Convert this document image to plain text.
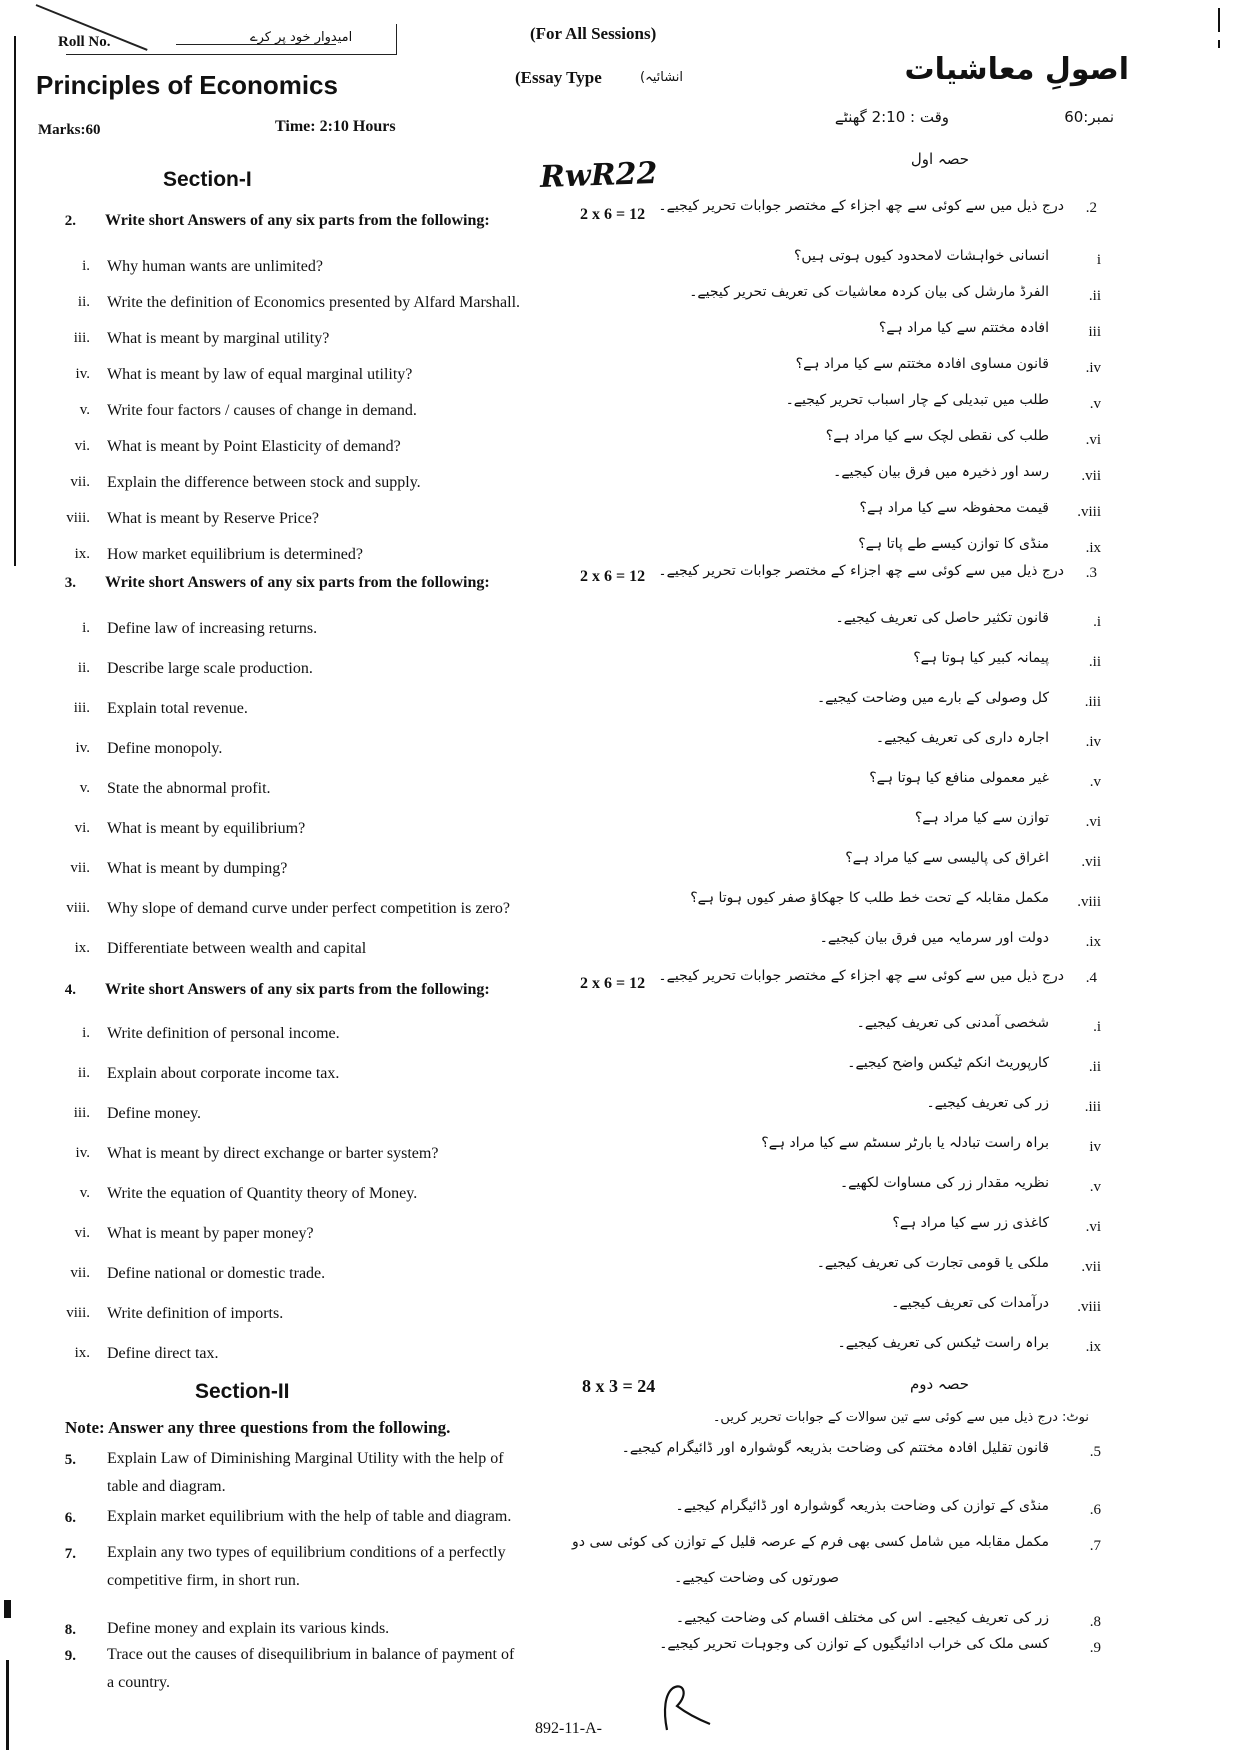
Roll No.	امیدوار خود پر کرے	(For All Sessions)
Principles of Economics	(Essay Type	انشائیہ)	اصولِ معاشیات
Marks:60	Time: 2:10 Hours
وقت : 2:10 گھنٹے	نمبر:60
Section-I	RwR22	حصہ اول
2. Write short Answers of any six parts from the following:	2 x 6 = 12 درج ذیل میں سے کوئی سے چھ اجزاء کے مختصر جوابات تحریر کیجیے۔ .2
3. Write short Answers of any six parts from the following:	2 x 6 = 12 درج ذیل میں سے کوئی سے چھ اجزاء کے مختصر جوابات تحریر کیجیے۔ .3
4. Write short Answers of any six parts from the following:	2 x 6 = 12 درج ذیل میں سے کوئی سے چھ اجزاء کے مختصر جوابات تحریر کیجیے۔ .4
i. Why human wants are unlimited?
انسانی خواہشات لامحدود کیوں ہوتی ہیں؟	i
ii. Write the definition of Economics presented by Alfard Marshall.
الفرڈ مارشل کی بیان کردہ معاشیات کی تعریف تحریر کیجیے۔	.ii
iii. What is meant by marginal utility?
افادہ مختتم سے کیا مراد ہے؟	iii
iv. What is meant by law of equal marginal utility?
قانون مساوی افادہ مختتم سے کیا مراد ہے؟ .iv
v. Write four factors / causes of change in demand.
طلب میں تبدیلی کے چار اسباب تحریر کیجیے۔	.v
vi. What is meant by Point Elasticity of demand?
طلب کی نقطی لچک سے کیا مراد ہے؟ .vi
vii. Explain the difference between stock and supply.
رسد اور ذخیرہ میں فرق بیان کیجیے۔ .vii
viii. What is meant by Reserve Price?
قیمت محفوظہ سے کیا مراد ہے؟ .viii
ix. How market equilibrium is determined?
منڈی کا توازن کیسے طے پاتا ہے؟ .ix
i. Define law of increasing returns.
قانون تکثیر حاصل کی تعریف کیجیے۔	.i
ii. Describe large scale production.
پیمانہ کبیر کیا ہوتا ہے؟	.ii
iii. Explain total revenue.
کل وصولی کے بارے میں وضاحت کیجیے۔ .iii
iv. Define monopoly.
اجارہ داری کی تعریف کیجیے۔ .iv
v. State the abnormal profit.
غیر معمولی منافع کیا ہوتا ہے؟	.v
vi. What is meant by equilibrium?
توازن سے کیا مراد ہے؟ .vi
vii. What is meant by dumping?
اغراق کی پالیسی سے کیا مراد ہے؟ .vii
viii. Why slope of demand curve under perfect competition is zero?
مکمل مقابلہ کے تحت خط طلب کا جھکاؤ صفر کیوں ہوتا ہے؟ .viii
ix. Differentiate between wealth and capital
دولت اور سرمایہ میں فرق بیان کیجیے۔ .ix
i. Write definition of personal income.
شخصی آمدنی کی تعریف کیجیے۔	.i
ii. Explain about corporate income tax.
کارپوریٹ انکم ٹیکس واضح کیجیے۔	.ii
iii. Define money.
زر کی تعریف کیجیے۔ .iii
iv. What is meant by direct exchange or barter system?
براہ راست تبادلہ یا بارٹر سسٹم سے کیا مراد ہے؟	iv
v. Write the equation of Quantity theory of Money.
نظریہ مقدار زر کی مساوات لکھیے۔	.v
vi. What is meant by paper money?
کاغذی زر سے کیا مراد ہے؟ .vi
vii. Define national or domestic trade.
ملکی یا قومی تجارت کی تعریف کیجیے۔ .vii
viii. Write definition of imports.
درآمدات کی تعریف کیجیے۔ .viii
ix. Define direct tax.
براہ راست ٹیکس کی تعریف کیجیے۔ .ix
Section-II	8 x 3 = 24	حصہ دوم
Note: Answer any three questions from the following.
نوٹ: درج ذیل میں سے کوئی سے تین سوالات کے جوابات تحریر کریں۔
5. Explain Law of Diminishing Marginal Utility with the help of
table and diagram.
قانون تقلیل افادہ مختتم کی وضاحت بذریعہ گوشوارہ اور ڈائیگرام کیجیے۔	.5
6. Explain market equilibrium with the help of table and diagram.
منڈی کے توازن کی وضاحت بذریعہ گوشوارہ اور ڈائیگرام کیجیے۔	.6
7. Explain any two types of equilibrium conditions of a perfectly
competitive firm, in short run.
مکمل مقابلہ میں شامل کسی بھی فرم کے عرصہ قلیل کے توازن کی کوئی سی دو
صورتوں کی وضاحت کیجیے۔
.7
8. Define money and explain its various kinds.
زر کی تعریف کیجیے۔ اس کی مختلف اقسام کی وضاحت کیجیے۔	.8
9. Trace out the causes of disequilibrium in balance of payment of
a country.
کسی ملک کی خراب ادائیگیوں کے توازن کی وجوہات تحریر کیجیے۔	.9
892-11-A-
